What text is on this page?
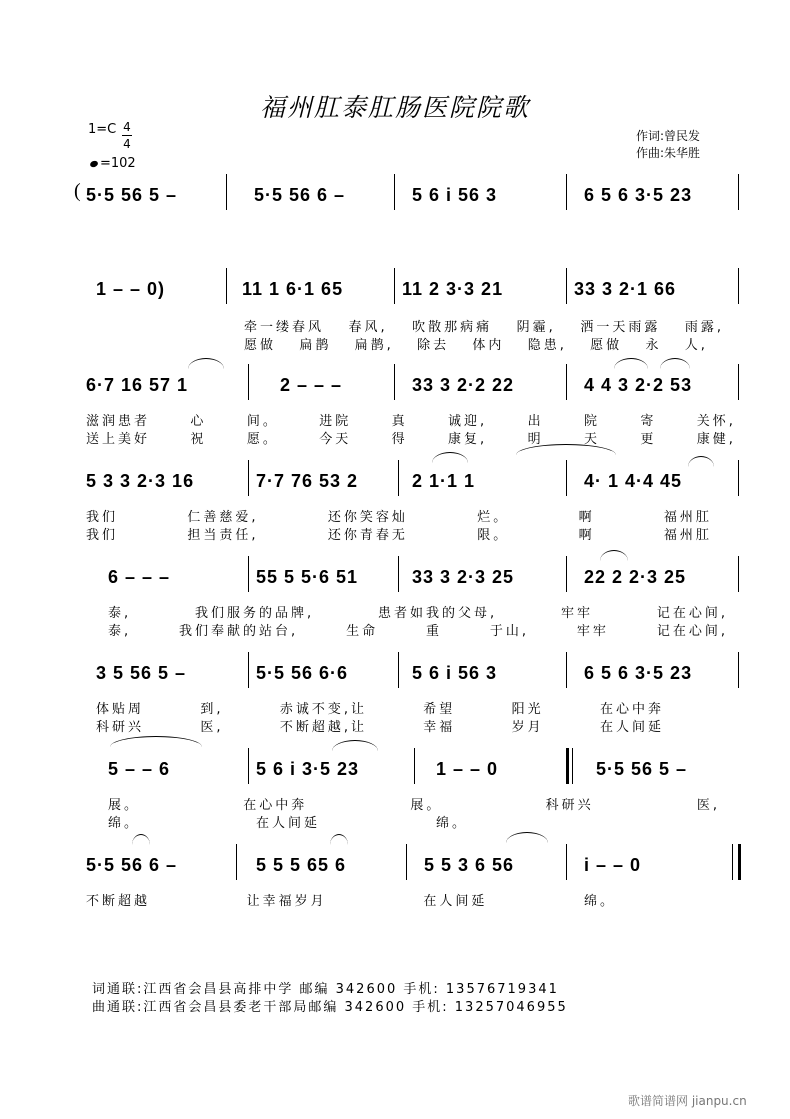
福州肛泰肛肠医院院歌
1=C 4
4
=102
作词:曾民发
作曲:朱华胜
( 5·5 56 5 –	5·5 56 6 –	5 6 i 56 3	6 5 6 3·5 23
1 – – 0)	11 1 6·1 65	11 2 3·3 21	33 3 2·1 66
牵一缕春风 春风, 吹散那病痛 阴霾, 洒一天雨露 雨露,
愿做 扁鹊 扁鹊, 除去 体内 隐患, 愿做 永 人,
6·7 16 57 1	2 – – –	33 3 2·2 22	4 4 3 2·2 53
滋润患者	心	间。	进院	真	诚迎,	出	院	寄	关怀,
送上美好	祝	愿。	今天	得	康复,	明	天	更	康健,
5 3 3 2·3 16	7·7 76 53 2	2 1·1 1	4· 1 4·4 45
我们	仁善慈爱,	还你笑容灿	烂。	啊	福州肛
我们	担当责任,	还你青春无	限。	啊	福州肛
6 – – –	55 5 5·6 51	33 3 2·3 25	22 2 2·3 25
泰,	我们服务的品牌,	患者如我的父母,	牢牢	记在心间,
泰,	我们奉献的站台,	生命	重	于山,	牢牢	记在心间,
3 5 56 5 –	5·5 56 6·6	5 6 i 56 3	6 5 6 3·5 23
体贴周	到,	赤诚不变,让	希望	阳光	在心中奔
科研兴	医,	不断超越,让	幸福	岁月	在人间延
5 – – 6	5 6 i 3·5 23	1 – – 0	5·5 56 5 –
展。	在心中奔	展。	科研兴	医,
绵。	在人间延	绵。
5·5 56 6 –	5 5 5 65 6	5 5 3 6 56	i – – 0
不断超越	让幸福岁月	在人间延	绵。
词通联:江西省会昌县高排中学 邮编 342600 手机: 13576719341
曲通联:江西省会昌县委老干部局邮编 342600 手机: 13257046955
歌谱简谱网 jianpu.cn
